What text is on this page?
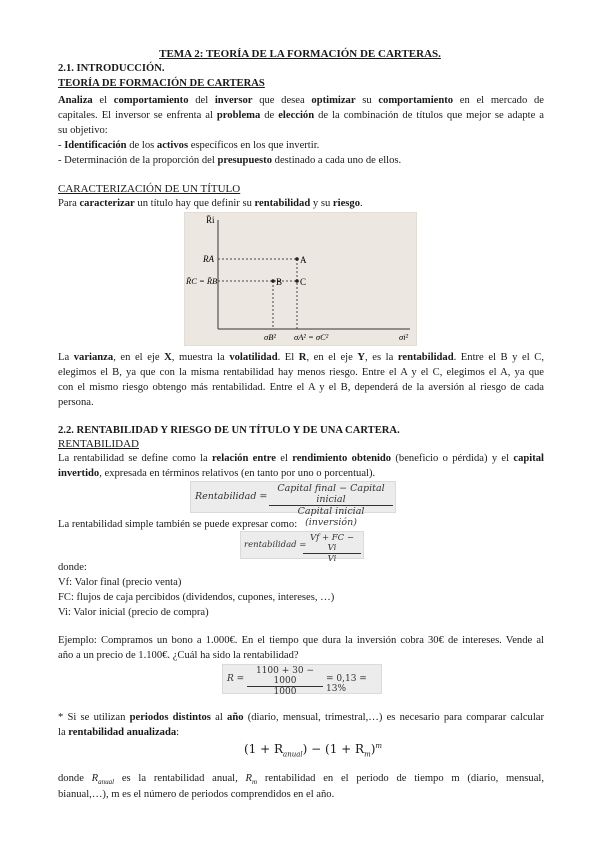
TEMA 2: TEORÍA DE LA FORMACIÓN DE CARTERAS.
2.1. INTRODUCCIÓN.
TEORÍA DE FORMACIÓN DE CARTERAS
Analiza el comportamiento del inversor que desea optimizar su comportamiento en el mercado de
capitales. El inversor se enfrenta al problema de elección de la combinación de títulos que mejor se adapte a
su objetivo:
- Identificación de los activos específicos en los que invertir.
- Determinación de la proporción del presupuesto destinado a cada uno de ellos.
CARACTERIZACIÓN DE UN TÍTULO
Para caracterizar un título hay que definir su rentabilidad y su riesgo.
R̄i
RA
R̄C = R̄B
A
B C
σB² σA² = σC²	σi²
La varianza, en el eje X, muestra la volatilidad. El R, en el eje Y, es la rentabilidad. Entre el B y el C,
elegimos el B, ya que con la misma rentabilidad hay menos riesgo. Entre el A y el C, elegimos el A, ya que
con el mismo riesgo obtengo más rentabilidad. Entre el A y el B, dependerá de la aversión al riesgo de cada
persona.
2.2. RENTABILIDAD Y RIESGO DE UN TÍTULO Y DE UNA CARTERA.
RENTABILIDAD
La rentabilidad se define como la relación entre el rendimiento obtenido (beneficio o pérdida) y el capital
invertido, expresada en términos relativos (en tanto por uno o porcentual).
Rentabilidad =
Capital final − Capital inicial
Capital inicial (inversión)
La rentabilidad simple también se puede expresar como:
rentabilidad =
$\frac{Vf + FC - Vi}{Vi}$
donde:
Vf: Valor final (precio venta)
FC: flujos de caja percibidos (dividendos, cupones, intereses, …)
Vi: Valor inicial (precio de compra)
Ejemplo: Compramos un bono a 1.000€. En el tiempo que dura la inversión cobra 30€ de intereses. Vende al
año a un precio de 1.100€. ¿Cuál ha sido la rentabilidad?
$R = \frac{1100 + 30 - 1000}{1000} = 0,13 = 13\%$
* Si se utilizan periodos distintos al año (diario, mensual, trimestral,…) es necesario para comparar calcular
la rentabilidad anualizada:
$(1 + R_{anual}) - (1 + R_m)^m$
donde $R_{anual}$ es la rentabilidad anual, $R_m$ rentabilidad en el periodo de tiempo m (diario, mensual,
bianual,…), m es el número de periodos comprendidos en el año.
